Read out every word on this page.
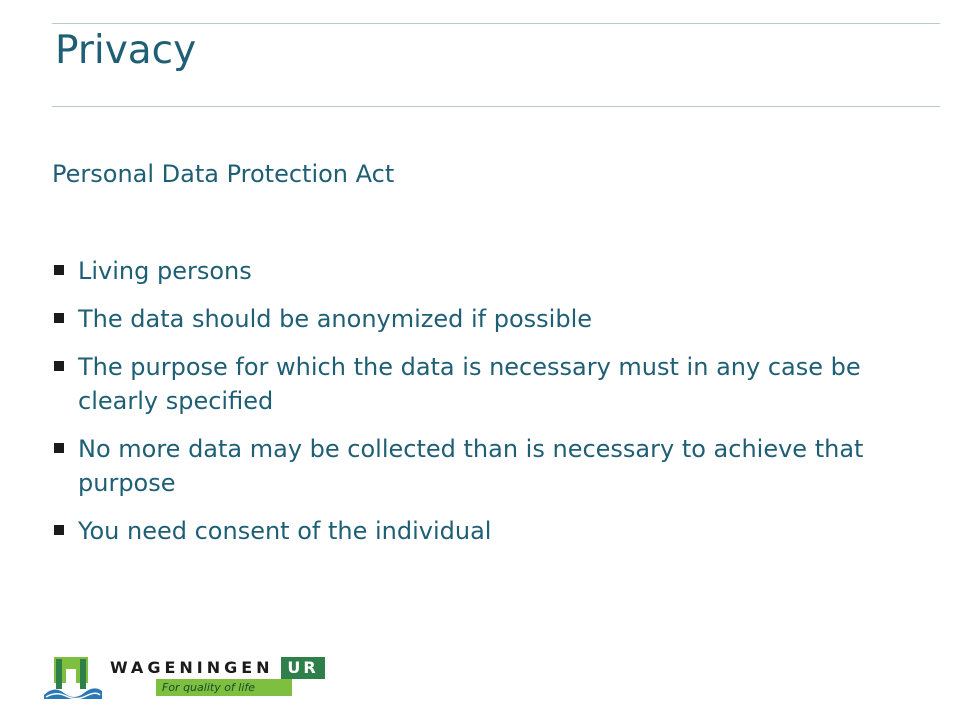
Privacy
Personal Data Protection Act
Living persons
The data should be anonymized if possible
The purpose for which the data is necessary must in any case be clearly specified
No more data may be collected than is necessary to achieve that purpose
You need consent of the individual
WAGENINGEN UR
For quality of life
